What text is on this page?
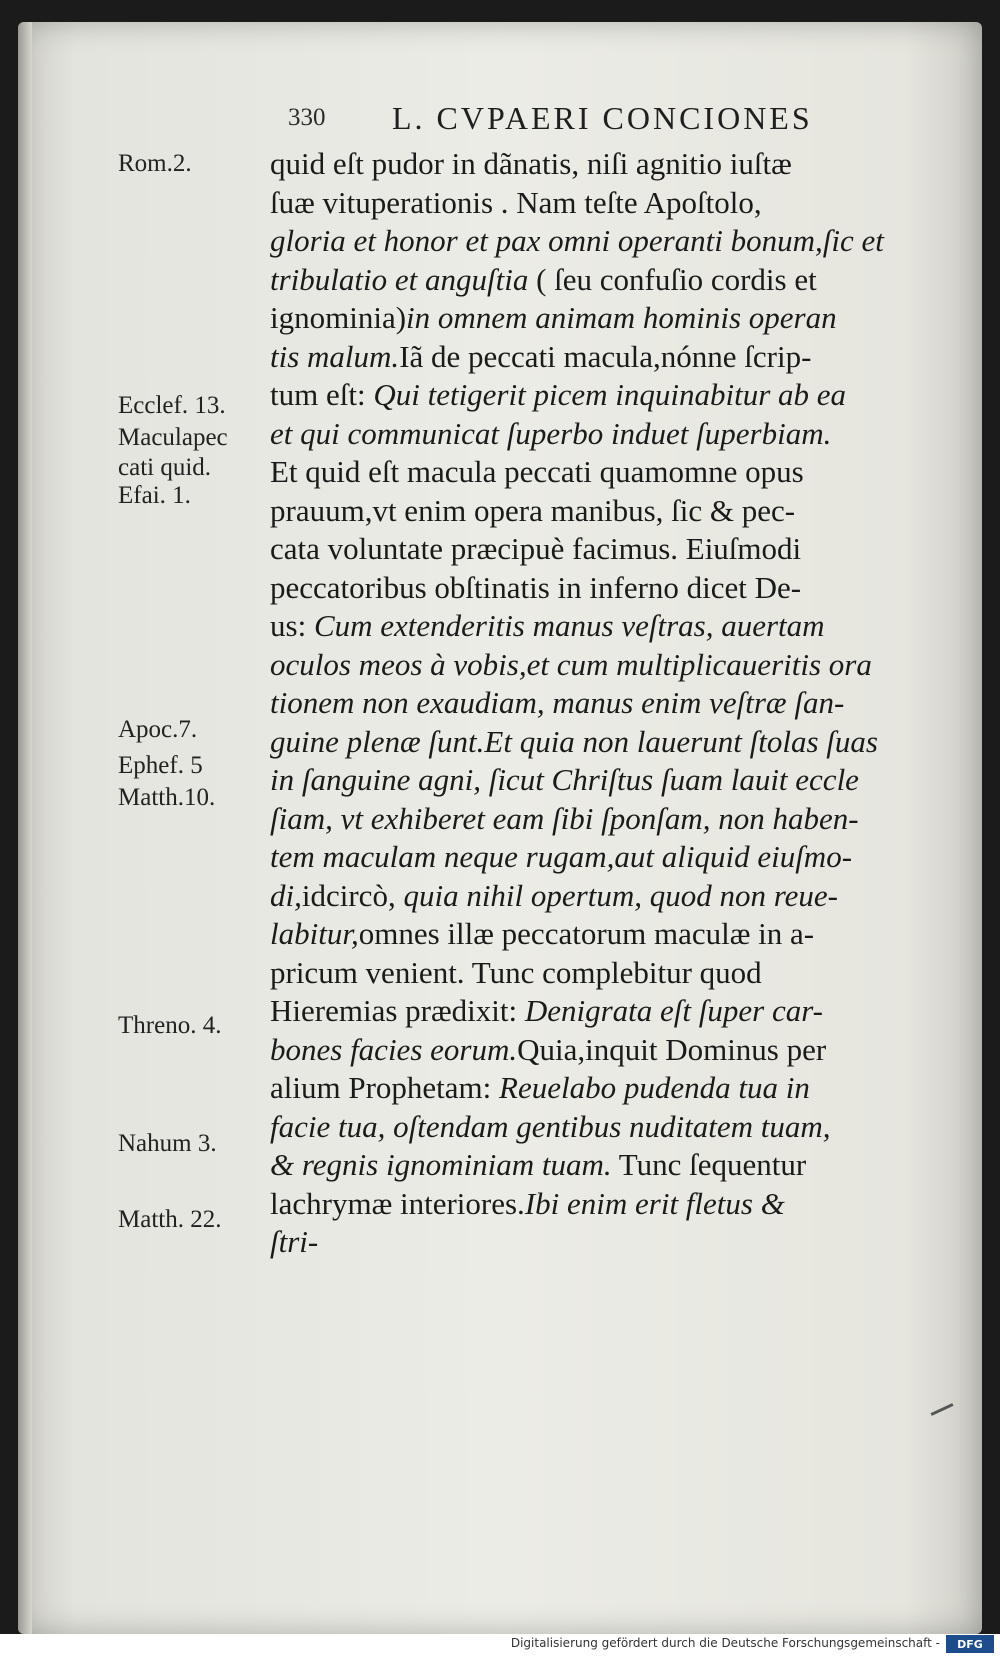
330 L. CVPAERI CONCIONES
Rom.2.
Ecclef. 13.
Maculapec
cati quid.
Efai. 1.
Apoc.7.
Ephef. 5
Matth.10.
Threno. 4.
Nahum 3.
Matth. 22.
quid eſt pudor in dãnatis, niſi agnitio iuſtæ
ſuæ vituperationis . Nam teſte Apoſtolo,
gloria et honor et pax omni operanti bonum,ſic et
tribulatio et anguſtia ( ſeu confuſio cordis et
ignominia)in omnem animam hominis operan
tis malum.Iã de peccati macula,nónne ſcrip-
tum eſt: Qui tetigerit picem inquinabitur ab ea
et qui communicat ſuperbo induet ſuperbiam.
Et quid eſt macula peccati quamomne opus
prauum,vt enim opera manibus, ſic & pec-
cata voluntate præcipuè facimus. Eiuſmodi
peccatoribus obſtinatis in inferno dicet De-
us: Cum extenderitis manus veſtras, auertam
oculos meos à vobis,et cum multiplicaueritis ora
tionem non exaudiam, manus enim veſtræ ſan-
guine plenæ ſunt.Et quia non lauerunt ſtolas ſuas
in ſanguine agni, ſicut Chriſtus ſuam lauit eccle
ſiam, vt exhiberet eam ſibi ſponſam, non haben-
tem maculam neque rugam,aut aliquid eiuſmo-
di,idcircò, quia nihil opertum, quod non reue-
labitur,omnes illæ peccatorum maculæ in a-
pricum venient. Tunc complebitur quod
Hieremias prædixit: Denigrata eſt ſuper car-
bones facies eorum.Quia,inquit Dominus per
alium Prophetam: Reuelabo pudenda tua in
facie tua, oſtendam gentibus nuditatem tuam,
& regnis ignominiam tuam. Tunc ſequentur
lachrymæ interiores.Ibi enim erit fletus &
ſtri-
Digitalisierung gefördert durch die Deutsche Forschungsgemeinschaft -	DFG
